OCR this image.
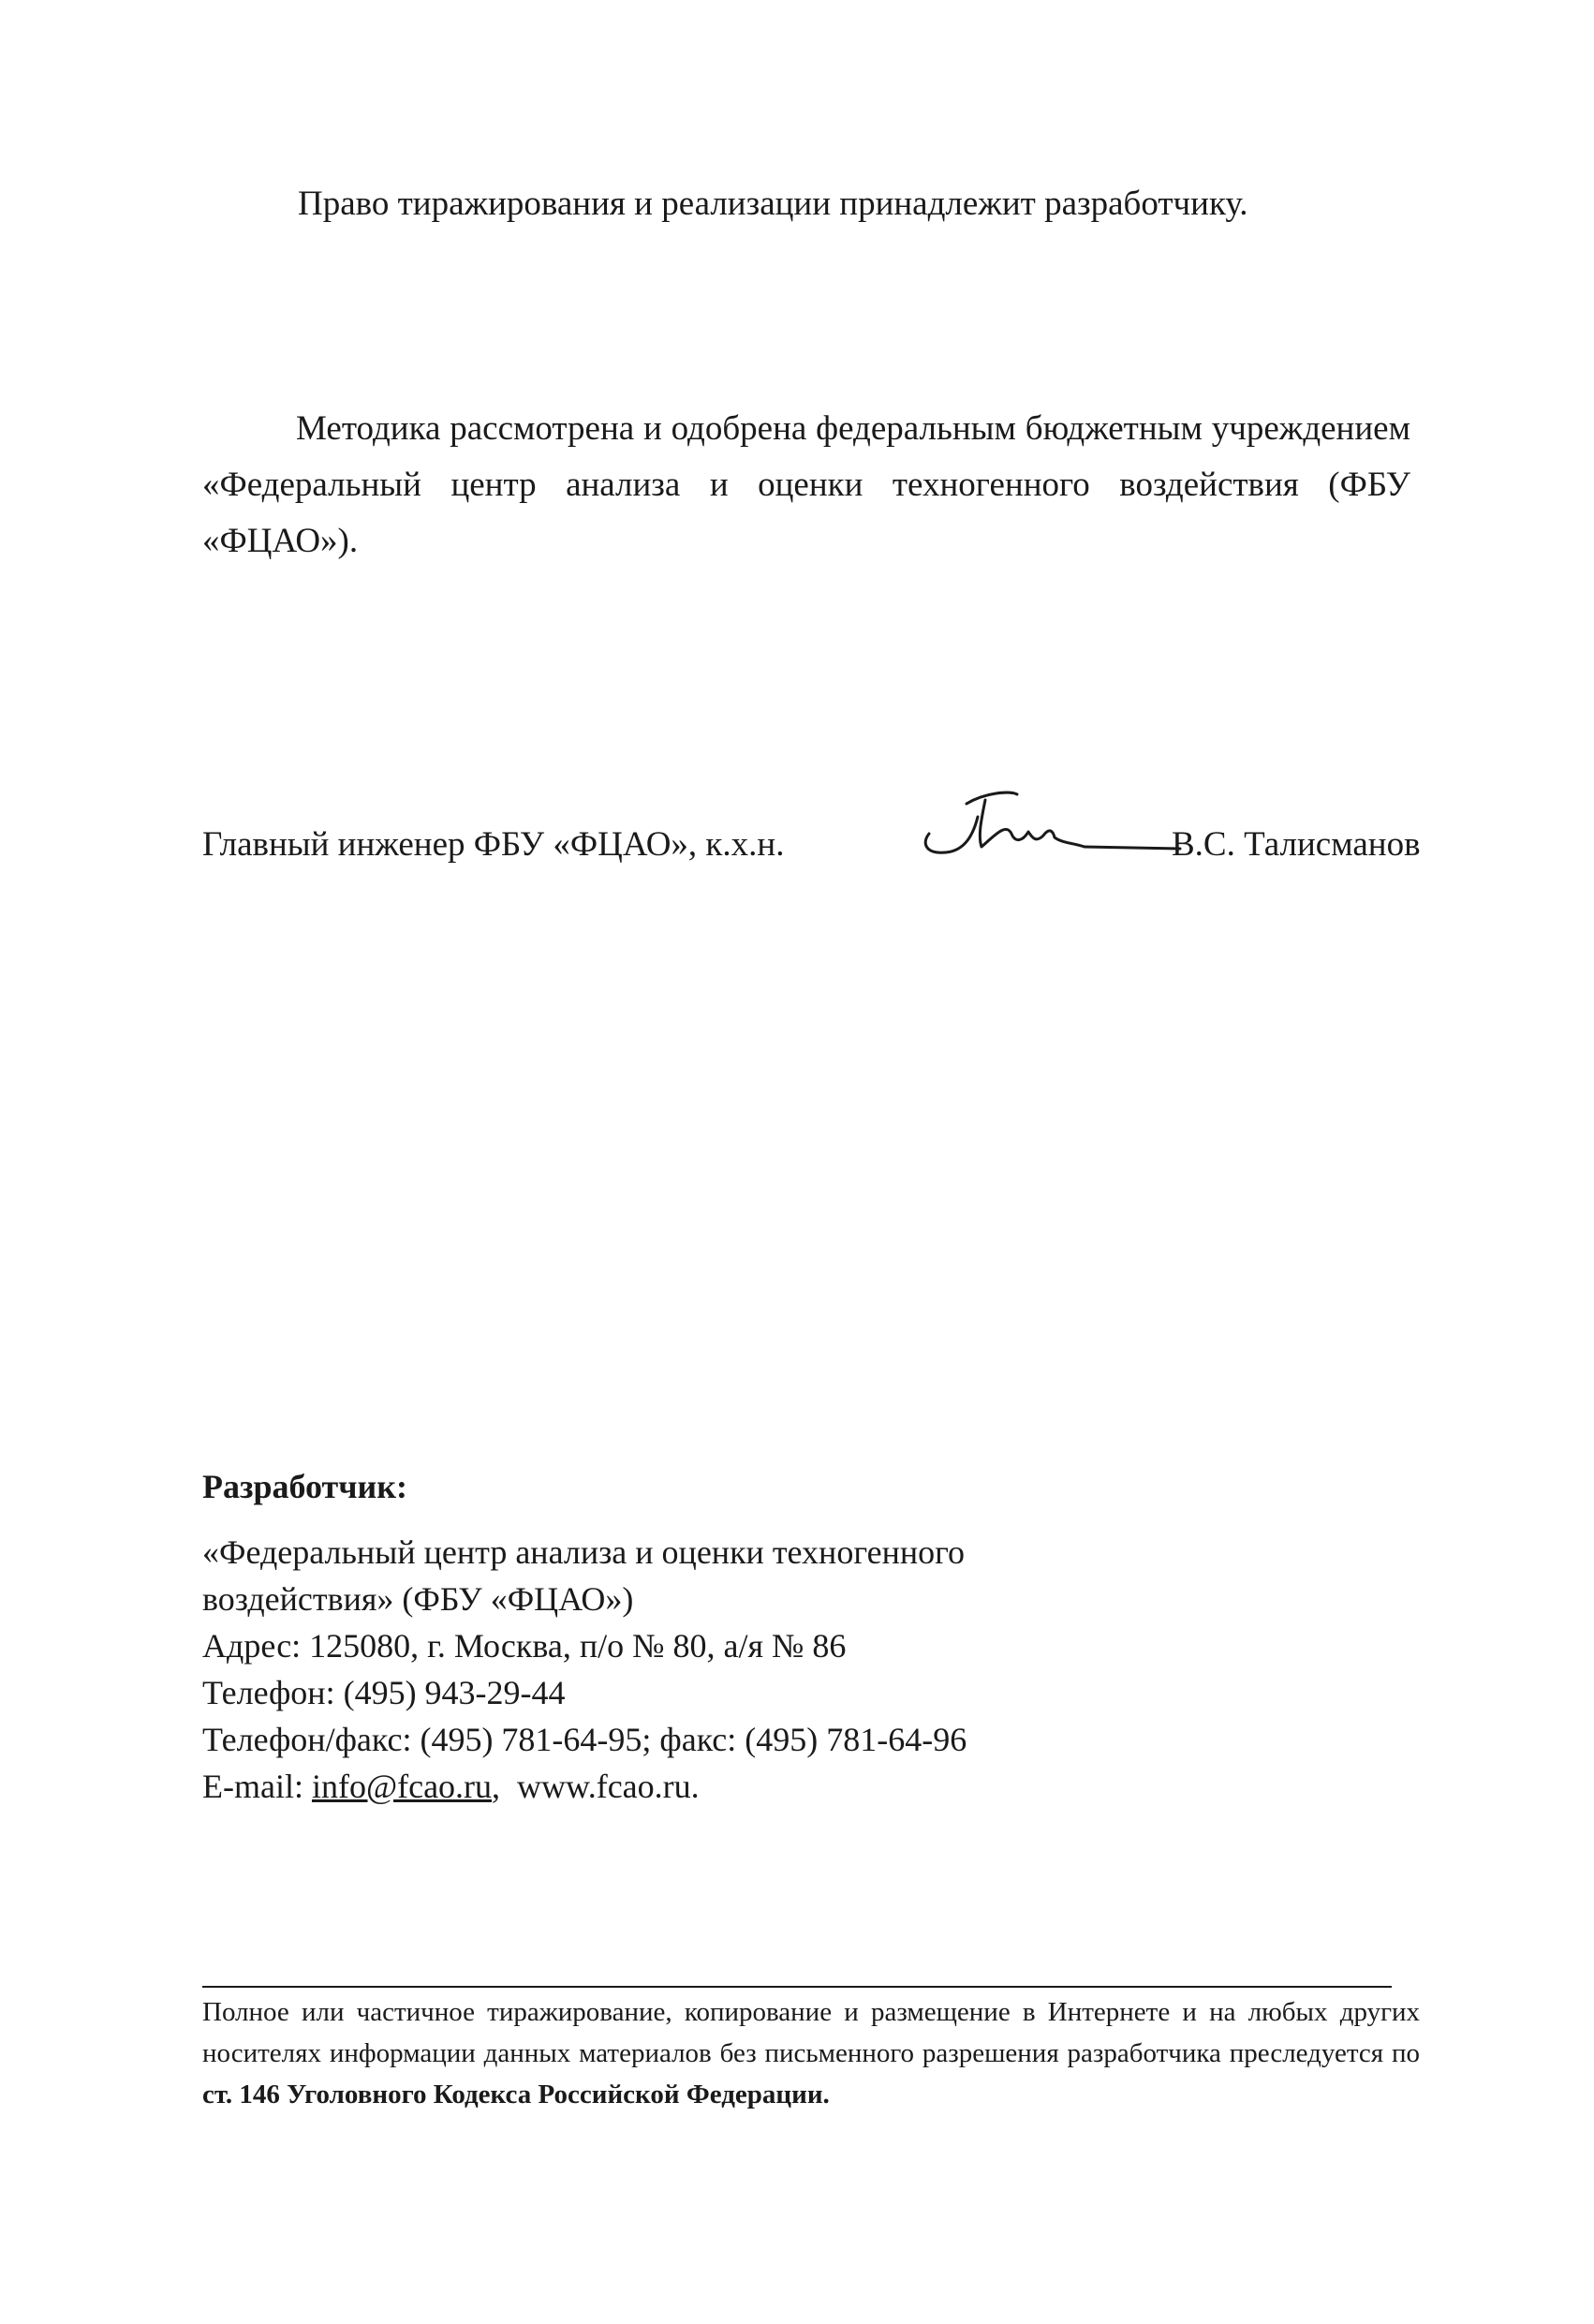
Право тиражирования и реализации принадлежит разработчику.
Методика рассмотрена и одобрена федеральным бюджетным учреждением «Федеральный центр анализа и оценки техногенного воздействия (ФБУ «ФЦАО»).
Главный инженер ФБУ «ФЦАО», к.х.н.	В.С. Талисманов
Разработчик:
«Федеральный центр анализа и оценки техногенного
воздействия» (ФБУ «ФЦАО»)
Адрес: 125080, г. Москва, п/о № 80, а/я № 86
Телефон: (495) 943-29-44
Телефон/факс: (495) 781-64-95; факс: (495) 781-64-96
E-mail: info@fcao.ru,  www.fcao.ru.
Полное или частичное тиражирование, копирование и размещение в Интернете и на любых других носителях информации данных материалов без письменного разрешения разработчика преследуется по ст. 146 Уголовного Кодекса Российской Федерации.
